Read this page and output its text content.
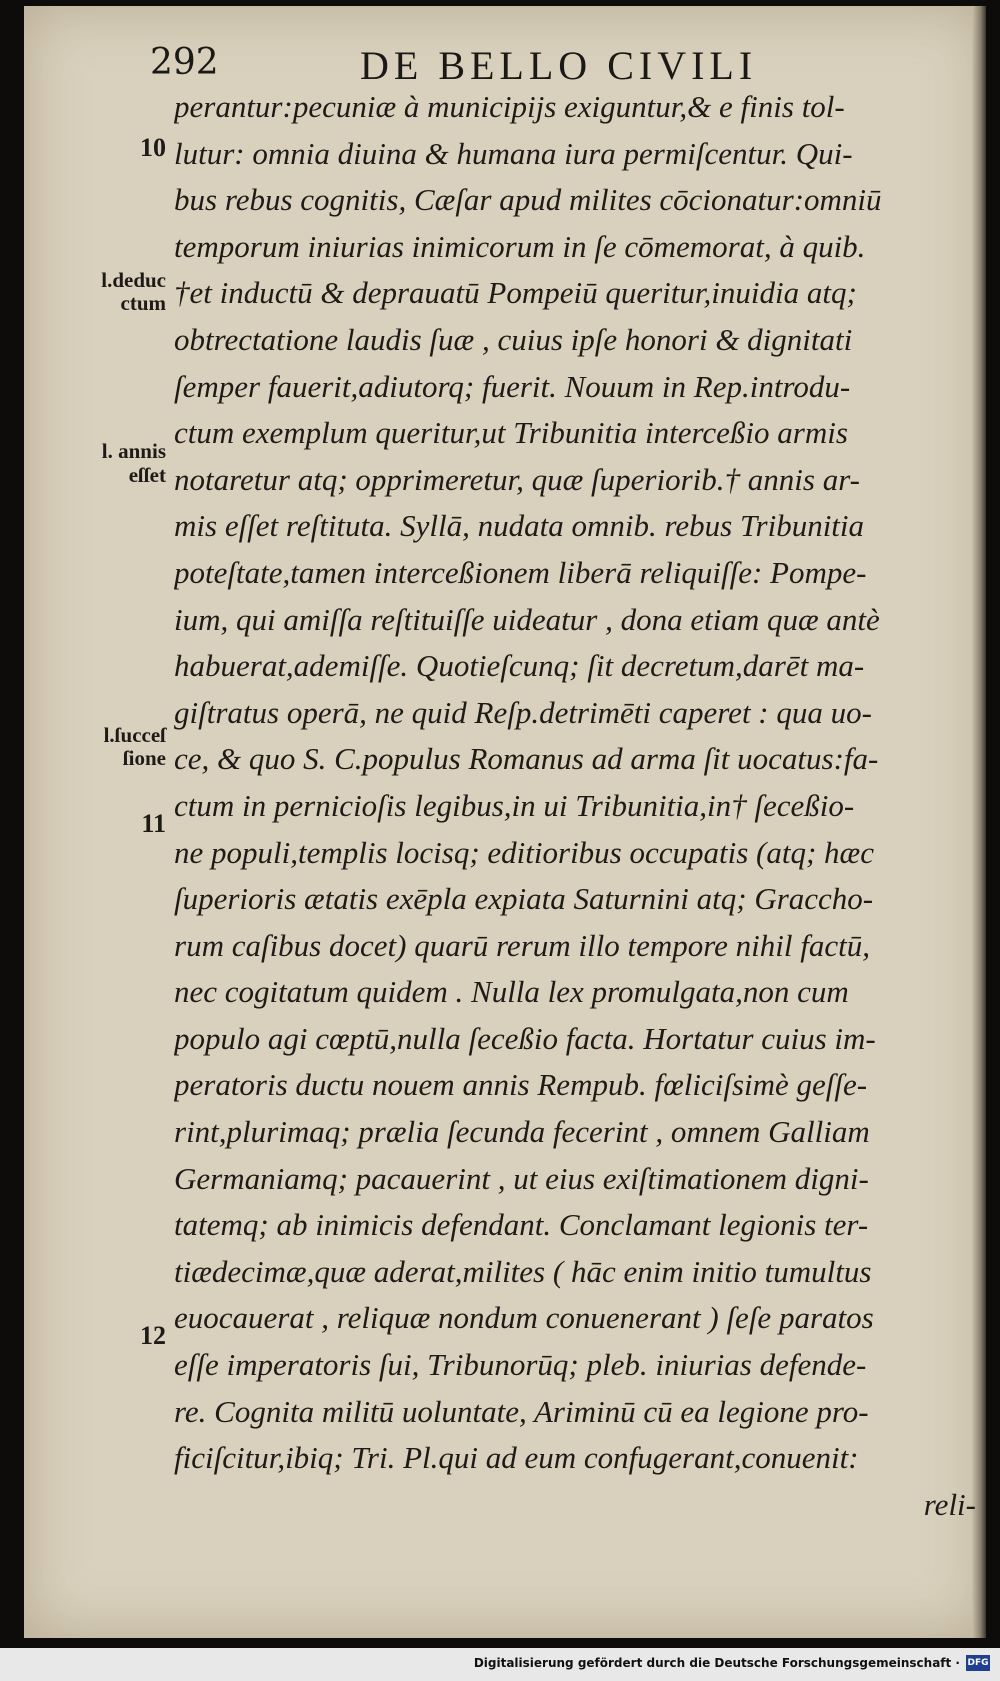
292	DE BELLO CIVILI
10
l.deduc
ctum
l. annis
eſſet
l.ſucceſ
ſione
11
12
perantur:pecuniæ à municipijs exiguntur,& e finis tol-
lutur: omnia diuina & humana iura permiſcentur. Qui-
bus rebus cognitis, Cæſar apud milites cōcionatur:omniū
temporum iniurias inimicorum in ſe cōmemorat, à quib.
†et inductū & deprauatū Pompeiū queritur,inuidia atq;
obtrectatione laudis ſuæ , cuius ipſe honori & dignitati
ſemper fauerit,adiutorq; fuerit. Nouum in Rep.introdu-
ctum exemplum queritur,ut Tribunitia interceßio armis
notaretur atq; opprimeretur, quæ ſuperiorib.† annis ar-
mis eſſet reſtituta. Syllā, nudata omnib. rebus Tribunitia
poteſtate,tamen interceßionem liberā reliquiſſe: Pompe-
ium, qui amiſſa reſtituiſſe uideatur , dona etiam quæ antè
habuerat,ademiſſe. Quotieſcunq; ſit decretum,darēt ma-
giſtratus operā, ne quid Reſp.detrimēti caperet : qua uo-
ce, & quo S. C.populus Romanus ad arma ſit uocatus:fa-
ctum in pernicioſis legibus,in ui Tribunitia,in† ſeceßio-
ne populi,templis locisq; editioribus occupatis (atq; hæc
ſuperioris ætatis exēpla expiata Saturnini atq; Graccho-
rum caſibus docet) quarū rerum illo tempore nihil factū,
nec cogitatum quidem . Nulla lex promulgata,non cum
populo agi cœptū,nulla ſeceßio facta. Hortatur cuius im-
peratoris ductu nouem annis Rempub. fœliciſsimè geſſe-
rint,plurimaq; prælia ſecunda fecerint , omnem Galliam
Germaniamq; pacauerint , ut eius exiſtimationem digni-
tatemq; ab inimicis defendant. Conclamant legionis ter-
tiædecimæ,quæ aderat,milites ( hāc enim initio tumultus
euocauerat , reliquæ nondum conuenerant ) ſeſe paratos
eſſe imperatoris ſui, Tribunorūq; pleb. iniurias defende-
re. Cognita militū uoluntate, Ariminū cū ea legione pro-
ficiſcitur,ibiq; Tri. Pl.qui ad eum confugerant,conuenit:
reli-
Digitalisierung gefördert durch die Deutsche Forschungsgemeinschaft · DFG
